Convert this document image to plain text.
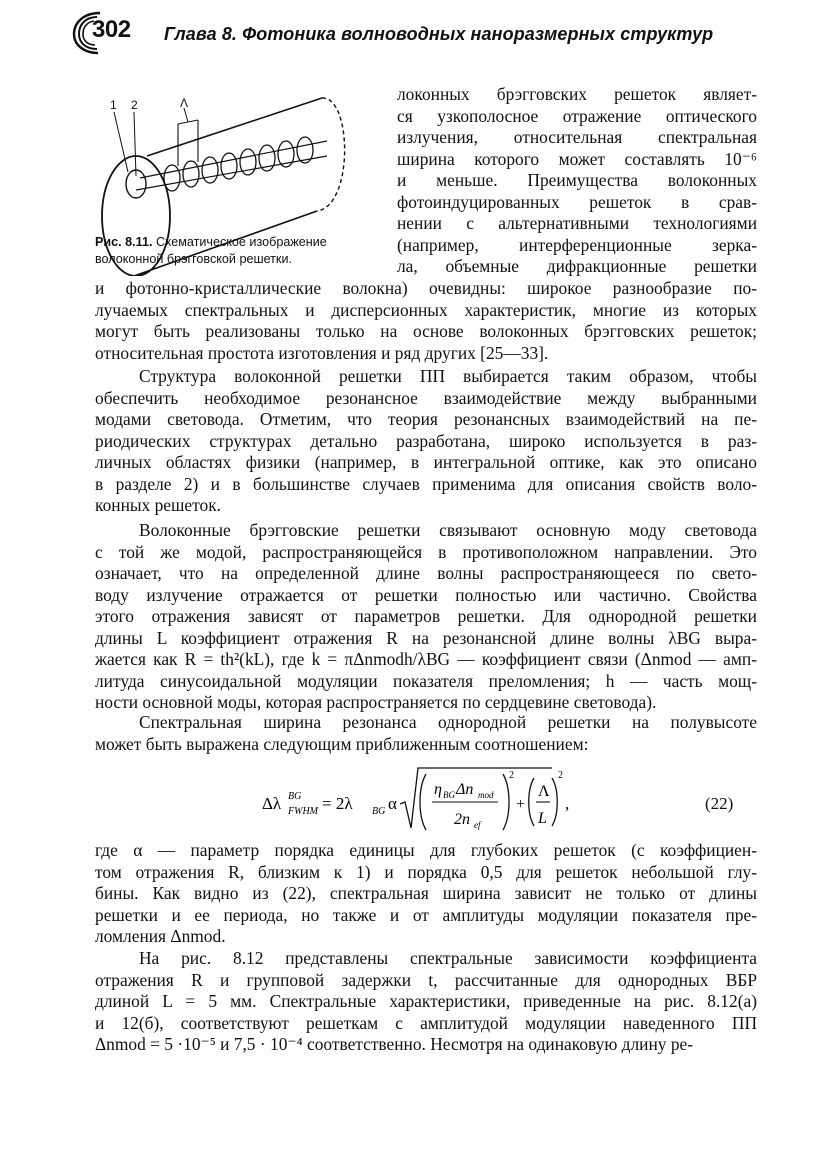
302 Глава 8. Фотоника волноводных наноразмерных структур
1 2	Λ
Рис. 8.11. Схематическое изображение
волоконной брэгговской решетки.
локонных брэгговских решеток являет-
ся узкополосное отражение оптического
излучения, относительная спектральная
ширина которого может составлять 10⁻⁶
и меньше. Преимущества волоконных
фотоиндуцированных решеток в срав-
нении с альтернативными технологиями
(например, интерференционные зерка-
ла, объемные дифракционные решетки
и фотонно-кристаллические волокна) очевидны: широкое разнообразие по-
лучаемых спектральных и дисперсионных характеристик, многие из которых
могут быть реализованы только на основе волоконных брэгговских решеток;
относительная простота изготовления и ряд других [25—33].
Структура волоконной решетки ПП выбирается таким образом, чтобы
обеспечить необходимое резонансное взаимодействие между выбранными
модами световода. Отметим, что теория резонансных взаимодействий на пе-
риодических структурах детально разработана, широко используется в раз-
личных областях физики (например, в интегральной оптике, как это описано
в разделе 2) и в большинстве случаев применима для описания свойств воло-
конных решеток.
Волоконные брэгговские решетки связывают основную моду световода
с той же модой, распространяющейся в противоположном направлении. Это
означает, что на определенной длине волны распространяющееся по свето-
воду излучение отражается от решетки полностью или частично. Свойства
этого отражения зависят от параметров решетки. Для однородной решетки
длины L коэффициент отражения R на резонансной длине волны λBG выра-
жается как R = th²(kL), где k = πΔnmodh/λBG — коэффициент связи (Δnmod — амп-
литуда синусоидальной модуляции показателя преломления; h — часть мощ-
ности основной моды, которая распространяется по сердцевине световода).
Спектральная ширина резонанса однородной решетки на полувысоте
может быть выражена следующим приближенным соотношением:
Δλ BG
FWHM = 2λ BG α
η BG Δn mod
2n ef
2
+
Λ
L
2
,	(22)
где α — параметр порядка единицы для глубоких решеток (с коэффициен-
том отражения R, близким к 1) и порядка 0,5 для решеток небольшой глу-
бины. Как видно из (22), спектральная ширина зависит не только от длины
решетки и ее периода, но также и от амплитуды модуляции показателя пре-
ломления Δnmod.
На рис. 8.12 представлены спектральные зависимости коэффициента
отражения R и групповой задержки t, рассчитанные для однородных ВБР
длиной L = 5 мм. Спектральные характеристики, приведенные на рис. 8.12(а)
и 12(б), соответствуют решеткам с амплитудой модуляции наведенного ПП
Δnmod = 5 ·10⁻⁵ и 7,5 · 10⁻⁴ соответственно. Несмотря на одинаковую длину ре-
